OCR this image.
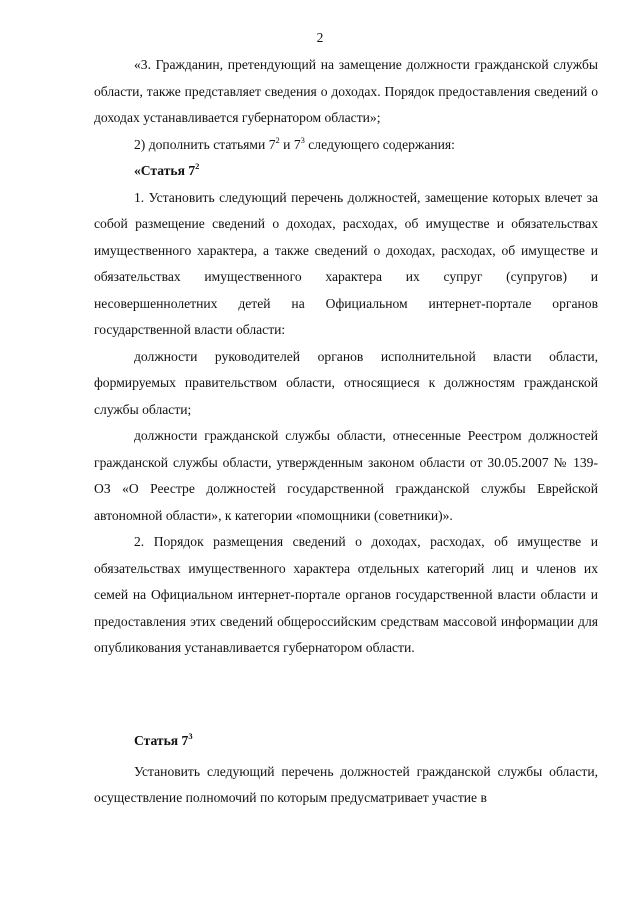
2

«3. Гражданин, претендующий на замещение должности гражданской службы области, также представляет сведения о доходах. Порядок предоставления сведений о доходах устанавливается губернатором области»;

2) дополнить статьями $7^2$ и $7^3$ следующего содержания:

«Статья $7^2$

1. Установить следующий перечень должностей, замещение которых влечет за собой размещение сведений о доходах, расходах, об имуществе и обязательствах имущественного характера, а также сведений о доходах, расходах, об имуществе и обязательствах имущественного характера их супруг (супругов) и несовершеннолетних детей на Официальном интернет-портале органов государственной власти области:

должности руководителей органов исполнительной власти области, формируемых правительством области, относящиеся к должностям гражданской службы области;

должности гражданской службы области, отнесенные Реестром должностей гражданской службы области, утвержденным законом области от 30.05.2007 № 139-ОЗ «О Реестре должностей государственной гражданской службы Еврейской автономной области», к категории «помощники (советники)».

2. Порядок размещения сведений о доходах, расходах, об имуществе и обязательствах имущественного характера отдельных категорий лиц и членов их семей на Официальном интернет-портале органов государственной власти области и предоставления этих сведений общероссийским средствам массовой информации для опубликования устанавливается губернатором области.

Статья $7^3$

Установить следующий перечень должностей гражданской службы области, осуществление полномочий по которым предусматривает участие в
